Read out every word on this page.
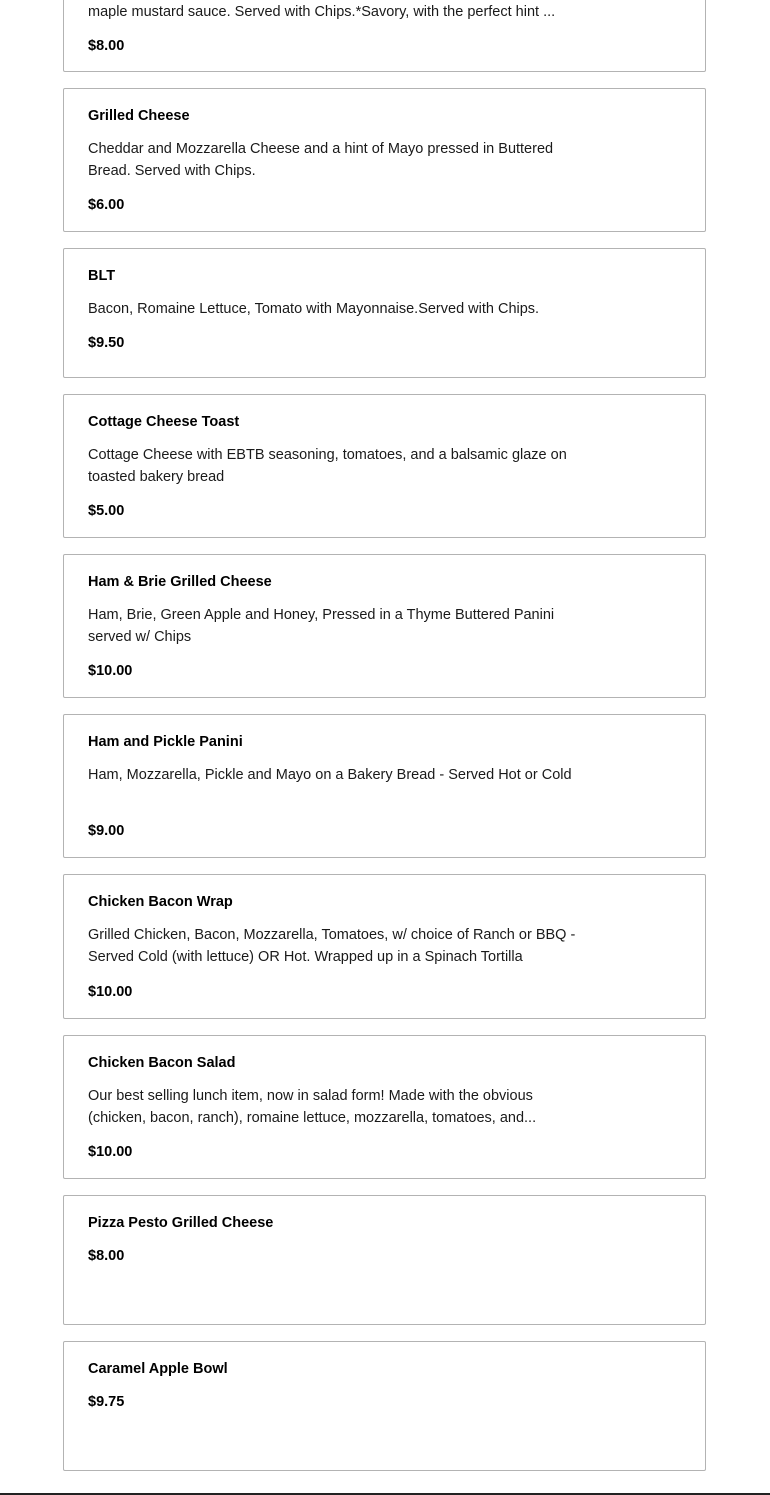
maple mustard sauce. Served with Chips.*Savory, with the perfect hint ...
$8.00
Grilled Cheese
Cheddar and Mozzarella Cheese and a hint of Mayo pressed in Buttered Bread. Served with Chips.
$6.00
BLT
Bacon, Romaine Lettuce, Tomato with Mayonnaise.Served with Chips.
$9.50
Cottage Cheese Toast
Cottage Cheese with EBTB seasoning, tomatoes, and a balsamic glaze on toasted bakery bread
$5.00
Ham & Brie Grilled Cheese
Ham, Brie, Green Apple and Honey, Pressed in a Thyme Buttered Panini served w/ Chips
$10.00
Ham and Pickle Panini
Ham, Mozzarella, Pickle and Mayo on a Bakery Bread - Served Hot or Cold
$9.00
Chicken Bacon Wrap
Grilled Chicken, Bacon, Mozzarella, Tomatoes, w/ choice of Ranch or BBQ - Served Cold (with lettuce) OR Hot. Wrapped up in a Spinach Tortilla
$10.00
Chicken Bacon Salad
Our best selling lunch item, now in salad form! Made with the obvious (chicken, bacon, ranch), romaine lettuce, mozzarella, tomatoes, and...
$10.00
Pizza Pesto Grilled Cheese
$8.00
Caramel Apple Bowl
$9.75
